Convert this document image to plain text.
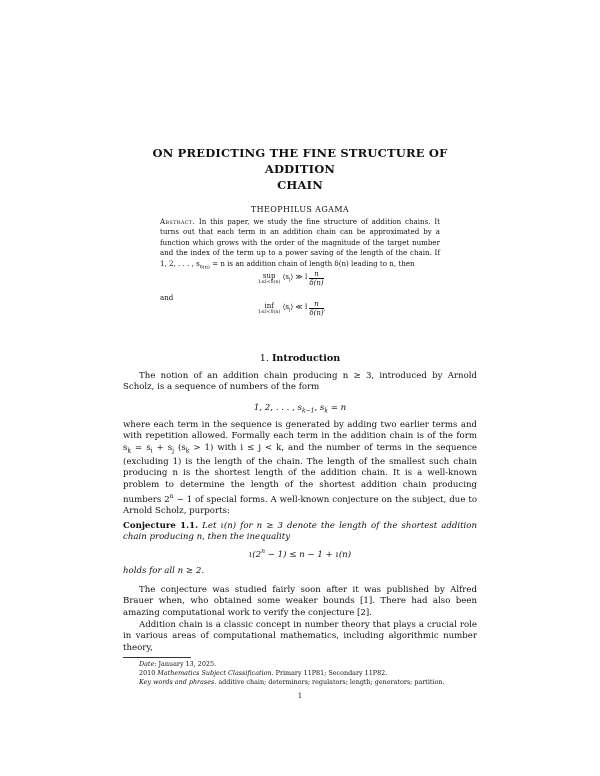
ON PREDICTING THE FINE STRUCTURE OF ADDITION
CHAIN
THEOPHILUS AGAMA
Abstract. In this paper, we study the fine structure of addition chains. It turns out that each term in an addition chain can be approximated by a function which grows with the order of the magnitude of the target number and the index of the term up to a power saving of the length of the chain. If 1, 2, . . . , $s_{\delta(n)} = n$ is an addition chain of length δ(n) leading to n, then
sup
1≤l<δ(n)
$⟨s_l⟩$ ≫ l $\frac{n}{\delta(n)}$
and
inf
1≤l<δ(n)
$⟨s_l⟩$ ≪ l $\frac{n}{\delta(n)}$ .
1. Introduction
The notion of an addition chain producing n ≥ 3, introduced by Arnold Scholz, is a sequence of numbers of the form
1, 2, . . . , $s_{k-1}$, $s_k = n$
where each term in the sequence is generated by adding two earlier terms and with repetition allowed. Formally each term in the addition chain is of the form $s_k = s_i + s_j$ $(s_k > 1)$ with i ≤ j < k, and the number of terms in the sequence (excluding 1) is the length of the chain. The length of the smallest such chain producing n is the shortest length of the addition chain. It is a well-known problem to determine the length of the shortest addition chain producing numbers $2^n - 1$ of special forms. A well-known conjecture on the subject, due to Arnold Scholz, purports:
Conjecture 1.1. Let ι(n) for n ≥ 3 denote the length of the shortest addition chain producing n, then the inequality
$\iota(2^n - 1) \le n - 1 + \iota(n)$
holds for all n ≥ 2.
The conjecture was studied fairly soon after it was published by Alfred Brauer when, who obtained some weaker bounds [1]. There had also been amazing computational work to verify the conjecture [2].
Addition chain is a classic concept in number theory that plays a crucial role in various areas of computational mathematics, including algorithmic number theory,
Date: January 13, 2025.
2010 Mathematics Subject Classification. Primary 11P81; Secondary 11P82.
Key words and phrases. additive chain; determiners; regulators; length; generators; partition.
1
